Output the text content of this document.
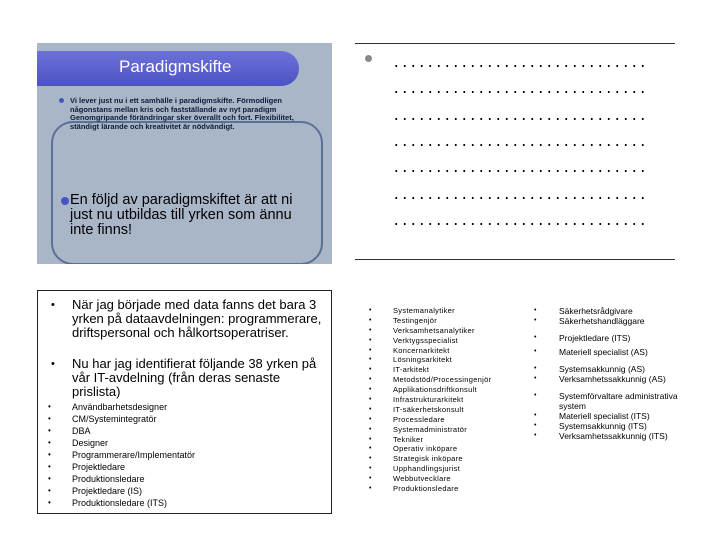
Paradigmskifte
Vi lever just nu i ett samhälle i paradigmskifte. Förmodligen någonstans mellan kris och fastställande av nyt paradigm Genomgripande förändringar sker överallt och fort. Flexibilitet, ständigt lärande och kreativitet är nödvändigt.
En följd av paradigmskiftet är att ni just nu utbildas till yrken som ännu inte finns!
• När jag började med data fanns det bara 3 yrken på dataavdelningen: programmerare, driftspersonal och hålkortsoperatriser.
• Nu har jag identifierat följande 38 yrken på vår IT-avdelning (från deras senaste prislista)
• Användbarhetsdesigner
• CM/Systemintegratör
• DBA
• Designer
• Programmerare/Implementatör
• Projektledare
• Produktionsledare
• Projektledare (IS)
• Produktionsledare (ITS)
• Systemanalytiker
• Testingenjör
• Verksamhetsanalytiker
• Verktygsspecialist
• Koncernarkitekt
• Lösningsarkitekt
• IT-arkitekt
• Metodstöd/Processingenjör
• Applikationsdriftkonsult
• Infrastrukturarkitekt
• IT-säkerhetskonsult
• Processledare
• Systemadministratör
• Tekniker
• Operativ inköpare
• Strategisk inköpare
• Upphandlingsjurist
• Webbutvecklare
• Produktionsledare
• Säkerhetsrådgivare
• Säkerhetshandläggare
• Projektledare (ITS)
• Materiell specialist (AS)
• Systemsakkunnig (AS)
• Verksamhetssakkunnig (AS)
• Systemförvaltare administrativa system
• Materiell specialist (ITS)
• Systemsakkunnig (ITS)
• Verksamhetssakkunnig (ITS)
